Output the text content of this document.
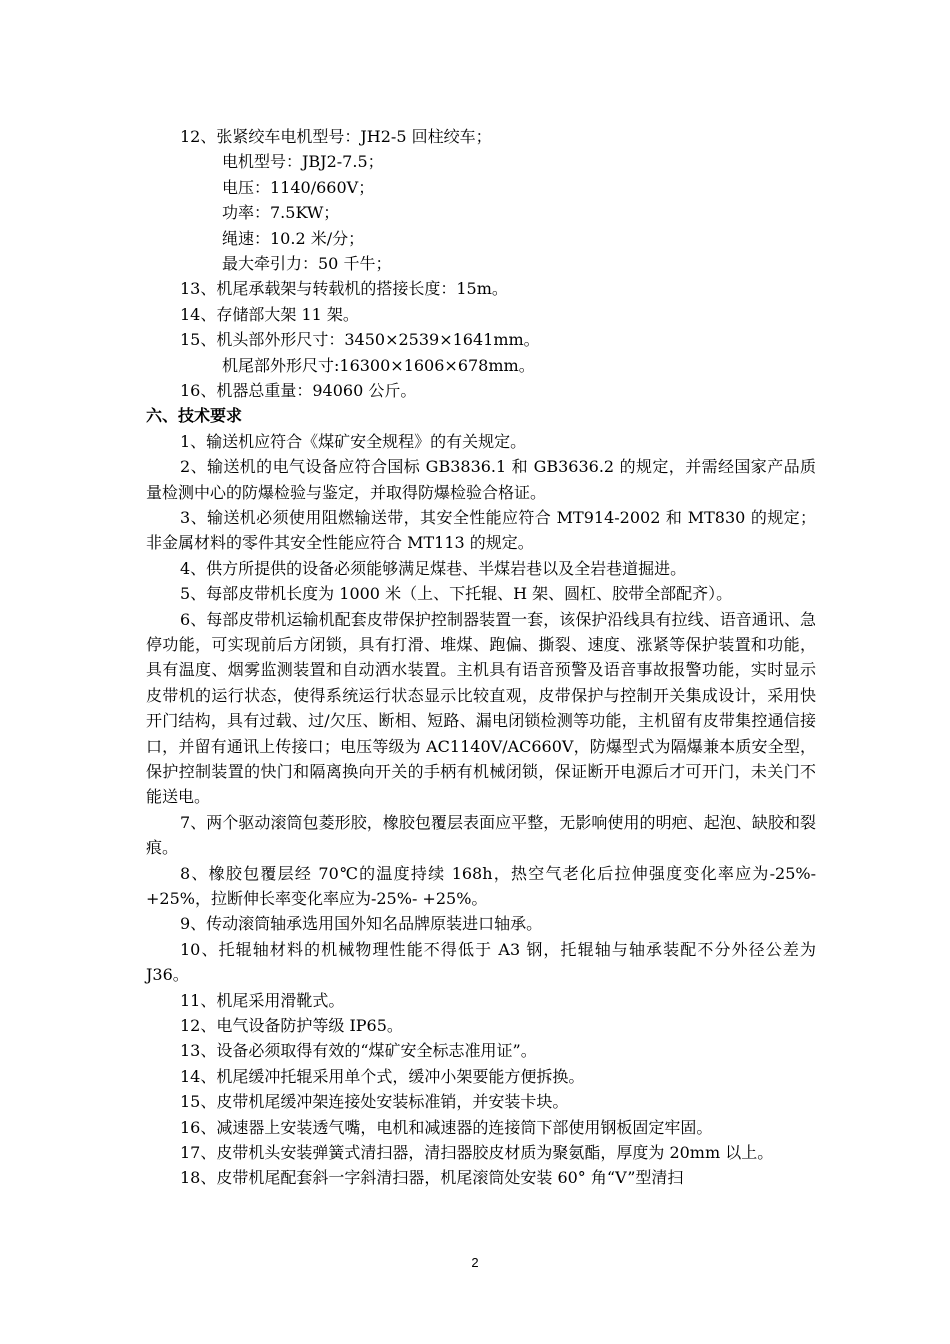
12、张紧绞车电机型号：JH2-5 回柱绞车；
电机型号：JBJ2-7.5；
电压：1140/660V；
功率：7.5KW；
绳速：10.2 米/分；
最大牵引力：50 千牛；
13、机尾承载架与转载机的搭接长度：15m。
14、存储部大架 11 架。
15、机头部外形尺寸：3450×2539×1641mm。
机尾部外形尺寸:16300×1606×678mm。
16、机器总重量：94060 公斤。
六、技术要求

1、输送机应符合《煤矿安全规程》的有关规定。

2、输送机的电气设备应符合国标 GB3836.1 和 GB3636.2 的规定，并需经国家产品质量检测中心的防爆检验与鉴定，并取得防爆检验合格证。

3、输送机必须使用阻燃输送带，其安全性能应符合 MT914-2002 和 MT830 的规定；非金属材料的零件其安全性能应符合 MT113 的规定。

4、供方所提供的设备必须能够满足煤巷、半煤岩巷以及全岩巷道掘进。

5、每部皮带机长度为 1000 米（上、下托辊、H 架、圆杠、胶带全部配齐）。

6、每部皮带机运输机配套皮带保护控制器装置一套，该保护沿线具有拉线、语音通讯、急停功能，可实现前后方闭锁，具有打滑、堆煤、跑偏、撕裂、速度、涨紧等保护装置和功能，具有温度、烟雾监测装置和自动洒水装置。主机具有语音预警及语音事故报警功能，实时显示皮带机的运行状态，使得系统运行状态显示比较直观，皮带保护与控制开关集成设计，采用快开门结构，具有过载、过/欠压、断相、短路、漏电闭锁检测等功能，主机留有皮带集控通信接口，并留有通讯上传接口；电压等级为 AC1140V/AC660V，防爆型式为隔爆兼本质安全型，保护控制装置的快门和隔离换向开关的手柄有机械闭锁，保证断开电源后才可开门，未关门不能送电。

7、两个驱动滚筒包菱形胶，橡胶包覆层表面应平整，无影响使用的明疤、起泡、缺胶和裂痕。

8、橡胶包覆层经 70℃的温度持续 168h，热空气老化后拉伸强度变化率应为-25%- +25%，拉断伸长率变化率应为-25%- +25%。

9、传动滚筒轴承选用国外知名品牌原装进口轴承。

10、托辊轴材料的机械物理性能不得低于 A3 钢，托辊轴与轴承装配不分外径公差为 J36。

11、机尾采用滑靴式。

12、电气设备防护等级 IP65。

13、设备必须取得有效的“煤矿安全标志准用证”。

14、机尾缓冲托辊采用单个式，缓冲小架要能方便拆换。

15、皮带机尾缓冲架连接处安装标准销，并安装卡块。

16、减速器上安装透气嘴，电机和减速器的连接筒下部使用钢板固定牢固。

17、皮带机头安装弹簧式清扫器，清扫器胶皮材质为聚氨酯，厚度为 20mm 以上。

18、皮带机尾配套斜一字斜清扫器，机尾滚筒处安装 60° 角“V”型清扫

2
